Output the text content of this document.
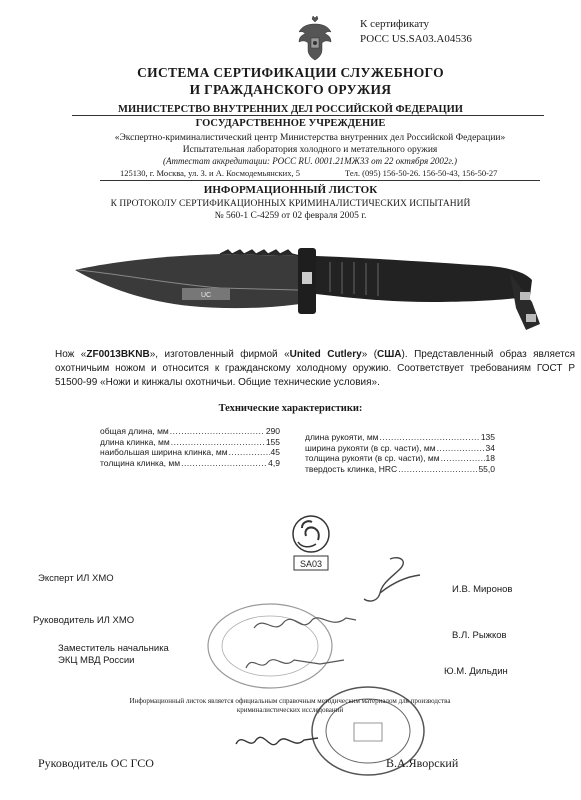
К сертификату
РОСС US.SA03.A04536
СИСТЕМА СЕРТИФИКАЦИИ СЛУЖЕБНОГО
И ГРАЖДАНСКОГО ОРУЖИЯ
МИНИСТЕРСТВО ВНУТРЕННИХ ДЕЛ РОССИЙСКОЙ ФЕДЕРАЦИИ
ГОСУДАРСТВЕННОЕ УЧРЕЖДЕНИЕ
«Экспертно-криминалистический центр Министерства внутренних дел Российской Федерации»
Испытательная лаборатория холодного и метательного оружия
(Аттестат аккредитации: РОСС RU. 0001.21МЖ33 от 22 октября 2002г.)
125130, г. Москва, ул. З. и А. Космодемьянских, 5	Тел. (095) 156-50-26. 156-50-43, 156-50-27
ИНФОРМАЦИОННЫЙ ЛИСТОК
К ПРОТОКОЛУ СЕРТИФИКАЦИОННЫХ КРИМИНАЛИСТИЧЕСКИХ ИСПЫТАНИЙ
№ 560-1 С-4259 от 02 февраля 2005 г.
UC
Нож «ZF0013BKNB», изготовленный фирмой «United Cutlery» (США). Представленный образ является охотничьим ножом и относится к гражданскому холодному оружию. Соответствует требованиям ГОСТ Р 51500-99 «Ножи и кинжалы охотничьи. Общие технические условия».
Технические характеристики:
общая длина, мм .....	290
длина клинка, мм .....	155
наибольшая ширина клинка, мм .....	45
толщина клинка, мм .....	4,9
длина рукояти, мм .....	135
ширина рукояти (в ср. части), мм .....	34
толщина рукояти (в ср. части), мм .....	18
твердость клинка, HRC .....	55,0
SA03
Эксперт ИЛ ХМО
И.В. Миронов
Руководитель ИЛ ХМО
В.Л. Рыжков
Заместитель начальника
ЭКЦ МВД России
Ю.М. Дильдин
Информационный листок является официальным справочным методическим материалом для производства криминалистических исследований
Руководитель ОС ГСО	В.А.Яворский
